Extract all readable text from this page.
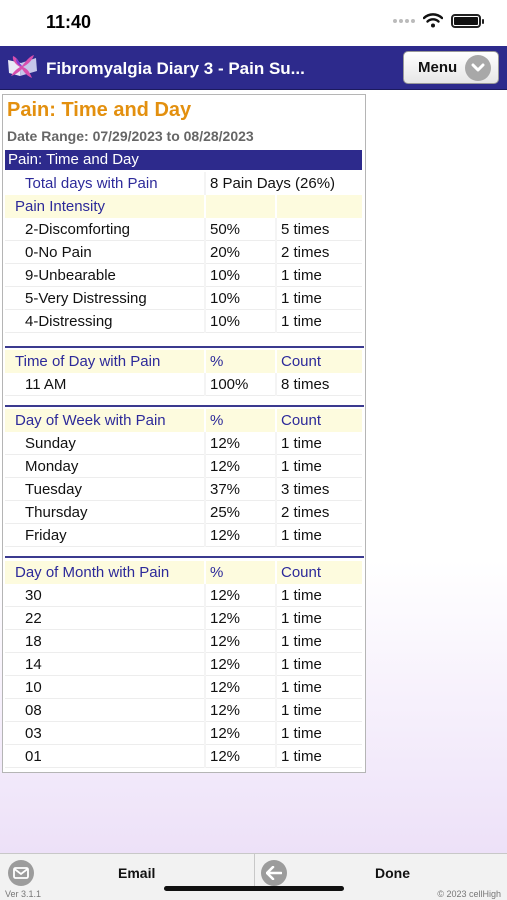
11:40
Fibromyalgia Diary 3 - Pain Su...	Menu
Pain: Time and Day
Date Range: 07/29/2023 to 08/28/2023
Pain: Time and Day
Total days with Pain	8 Pain Days (26%)
Pain Intensity
2-Discomforting	50%	5 times
0-No Pain	20%	2 times
9-Unbearable	10%	1 time
5-Very Distressing	10%	1 time
4-Distressing	10%	1 time
Time of Day with Pain	%	Count
11 AM	100%	8 times
Day of Week with Pain	%	Count
Sunday	12%	1 time
Monday	12%	1 time
Tuesday	37%	3 times
Thursday	25%	2 times
Friday	12%	1 time
Day of Month with Pain	%	Count
30	12%	1 time
22	12%	1 time
18	12%	1 time
14	12%	1 time
10	12%	1 time
08	12%	1 time
03	12%	1 time
01	12%	1 time
Email	Done
Ver 3.1.1	© 2023 cellHigh
